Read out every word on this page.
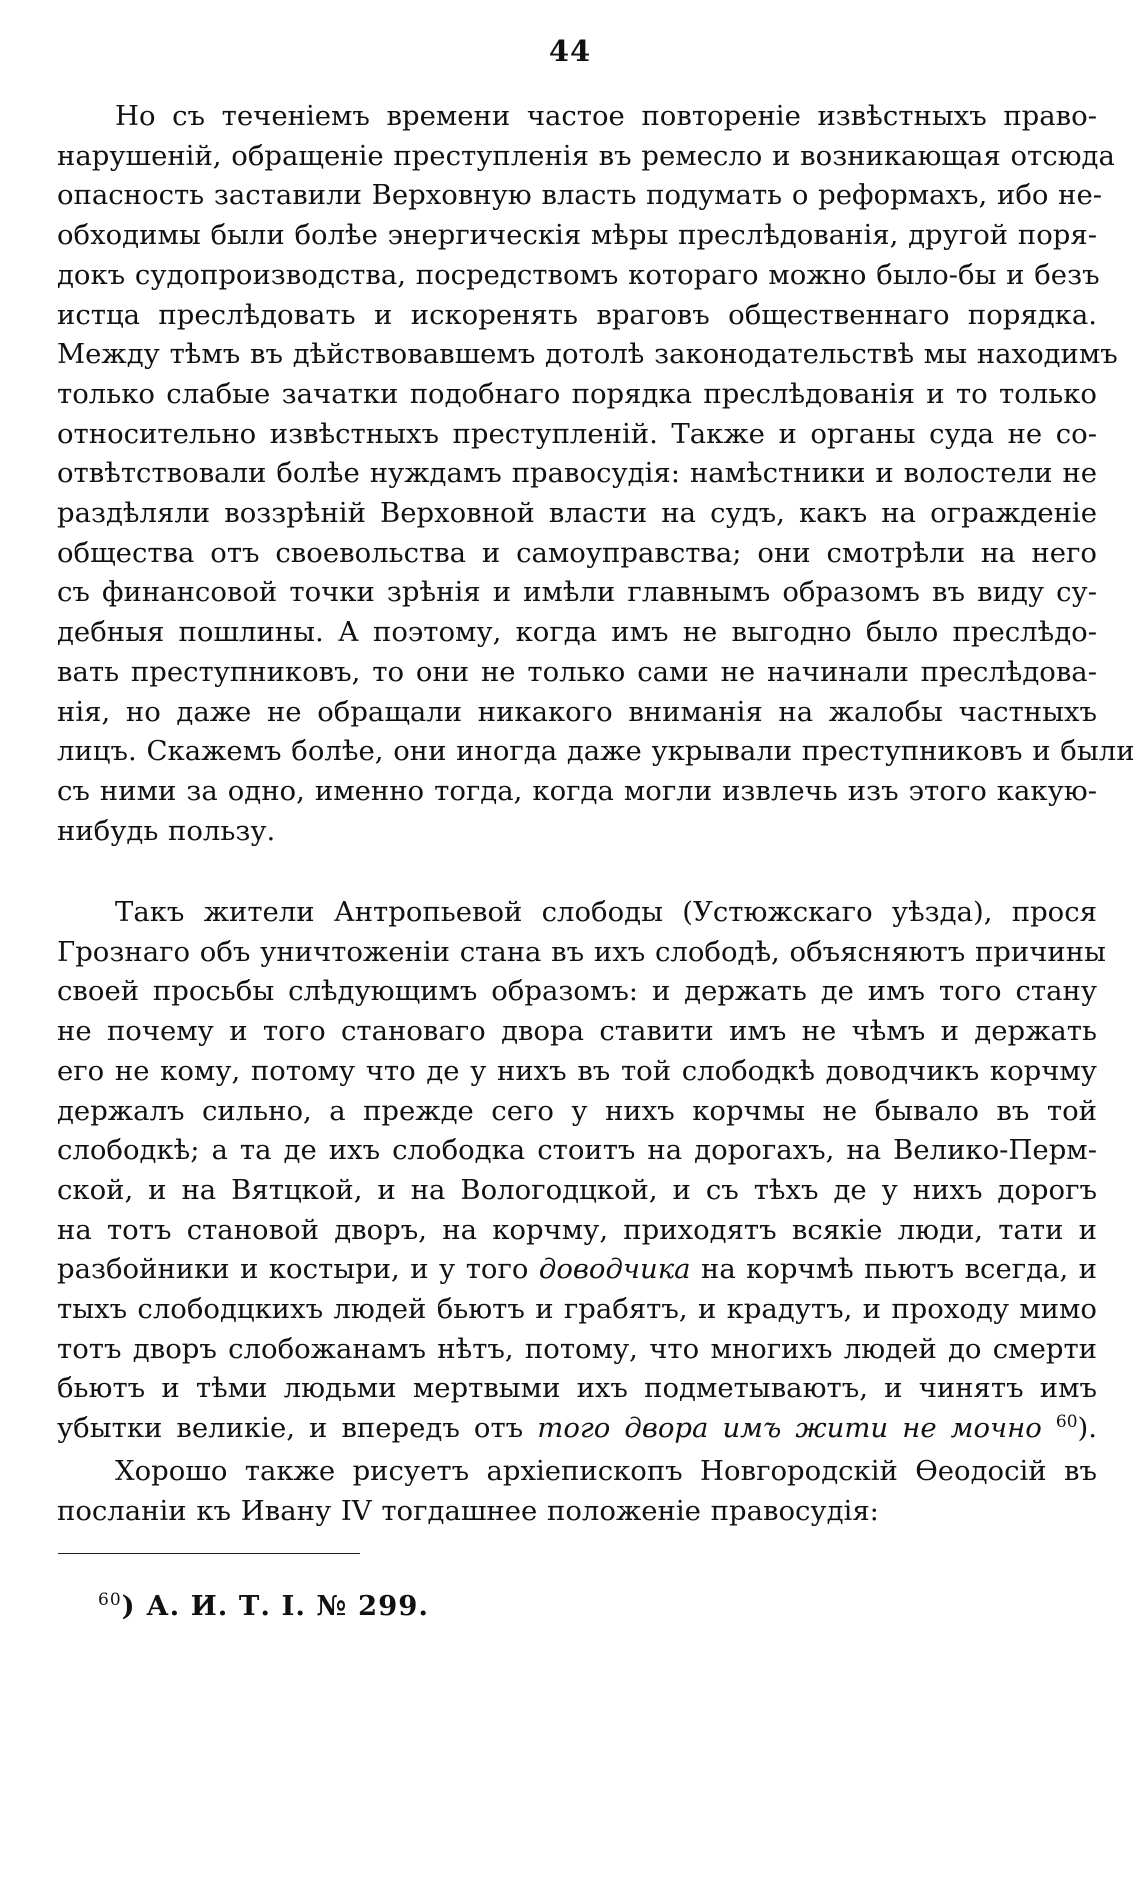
44
Но съ теченіемъ времени частое повтореніе извѣстныхъ право-
нарушеній, обращеніе преступленія въ ремесло и возникающая отсюда
опасность заставили Верховную власть подумать о реформахъ, ибо не-
обходимы были болѣе энергическія мѣры преслѣдованія, другой поря-
докъ судопроизводства, посредствомъ котораго можно было-бы и безъ
истца преслѣдовать и искоренять враговъ общественнаго порядка.
Между тѣмъ въ дѣйствовавшемъ дотолѣ законодательствѣ мы находимъ
только слабые зачатки подобнаго порядка преслѣдованія и то только
относительно извѣстныхъ преступленій. Также и органы суда не со-
отвѣтствовали болѣе нуждамъ правосудія: намѣстники и волостели не
раздѣляли воззрѣній Верховной власти на судъ, какъ на огражденіе
общества отъ своевольства и самоуправства; они смотрѣли на него
съ финансовой точки зрѣнія и имѣли главнымъ образомъ въ виду су-
дебныя пошлины. А поэтому, когда имъ не выгодно было преслѣдо-
вать преступниковъ, то они не только сами не начинали преслѣдова-
нія, но даже не обращали никакого вниманія на жалобы частныхъ
лицъ. Скажемъ болѣе, они иногда даже укрывали преступниковъ и были
съ ними за одно, именно тогда, когда могли извлечь изъ этого какую-
нибудь пользу.
Такъ жители Антропьевой слободы (Устюжскаго уѣзда), прося
Грознаго объ уничтоженіи стана въ ихъ слободѣ, объясняютъ причины
своей просьбы слѣдующимъ образомъ: и держать де имъ того стану
не почему и того становаго двора ставити имъ не чѣмъ и держать
его не кому, потому что де у нихъ въ той слободкѣ доводчикъ корчму
держалъ сильно, а прежде сего у нихъ корчмы не бывало въ той
слободкѣ; а та де ихъ слободка стоитъ на дорогахъ, на Велико-Перм-
ской, и на Вятцкой, и на Вологодцкой, и съ тѣхъ де у нихъ дорогъ
на тотъ становой дворъ, на корчму, приходятъ всякіе люди, тати и
разбойники и костыри, и у того доводчика на корчмѣ пьютъ всегда, и
тыхъ слободцкихъ людей бьютъ и грабятъ, и крадутъ, и проходу мимо
тотъ дворъ слобожанамъ нѣтъ, потому, что многихъ людей до смерти
бьютъ и тѣми людьми мертвыми ихъ подметываютъ, и чинятъ имъ
убытки великіе, и впередъ отъ того двора имъ жити не мочно $^{60}$).
Хорошо также рисуетъ архіепископъ Новгородскій Ѳеодосій въ
посланіи къ Ивану IV тогдашнее положеніе правосудія:
$^{60}$) А. И. Т. I. № 299.
